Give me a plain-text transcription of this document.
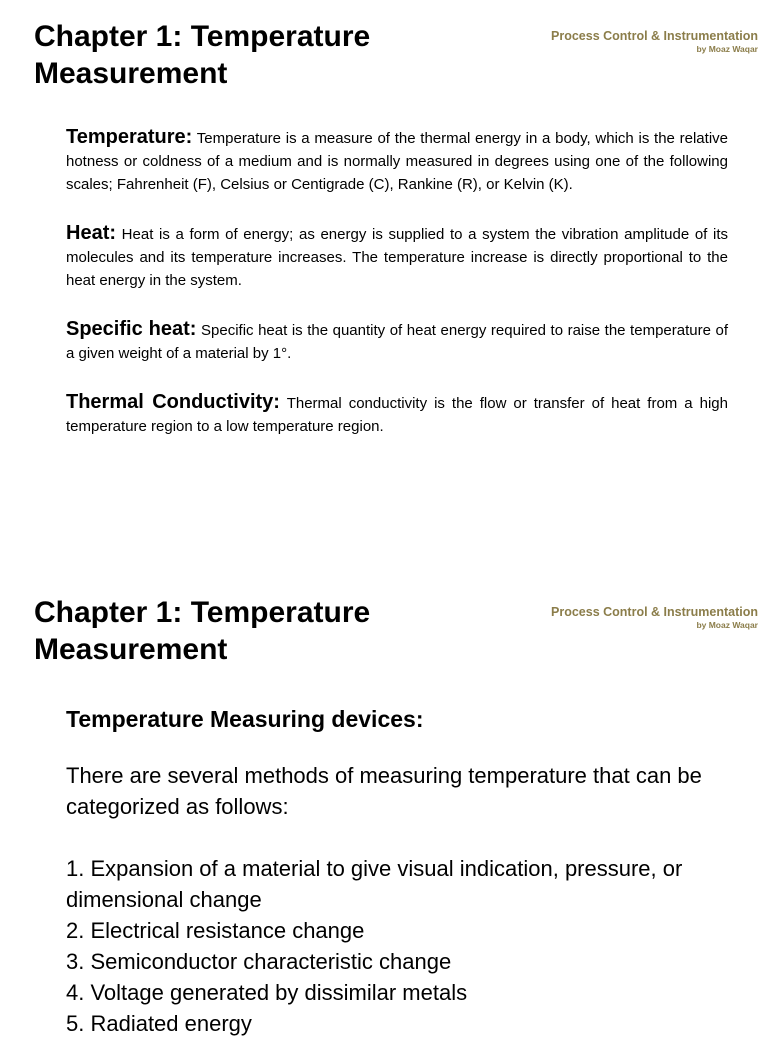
Chapter 1: Temperature Measurement
Process Control & Instrumentation
by Moaz Waqar

Temperature: Temperature is a measure of the thermal energy in a body, which is the relative hotness or coldness of a medium and is normally measured in degrees using one of the following scales; Fahrenheit (F), Celsius or Centigrade (C), Rankine (R), or Kelvin (K).

Heat: Heat is a form of energy; as energy is supplied to a system the vibration amplitude of its molecules and its temperature increases. The temperature increase is directly proportional to the heat energy in the system.

Specific heat: Specific heat is the quantity of heat energy required to raise the temperature of a given weight of a material by 1°.

Thermal Conductivity: Thermal conductivity is the flow or transfer of heat from a high temperature region to a low temperature region.

Chapter 1: Temperature Measurement
Process Control & Instrumentation
by Moaz Waqar
Temperature Measuring devices:

There are several methods of measuring temperature that can be categorized as follows:

1. Expansion of a material to give visual indication, pressure, or dimensional change
2. Electrical resistance change
3. Semiconductor characteristic change
4. Voltage generated by dissimilar metals
5. Radiated energy
